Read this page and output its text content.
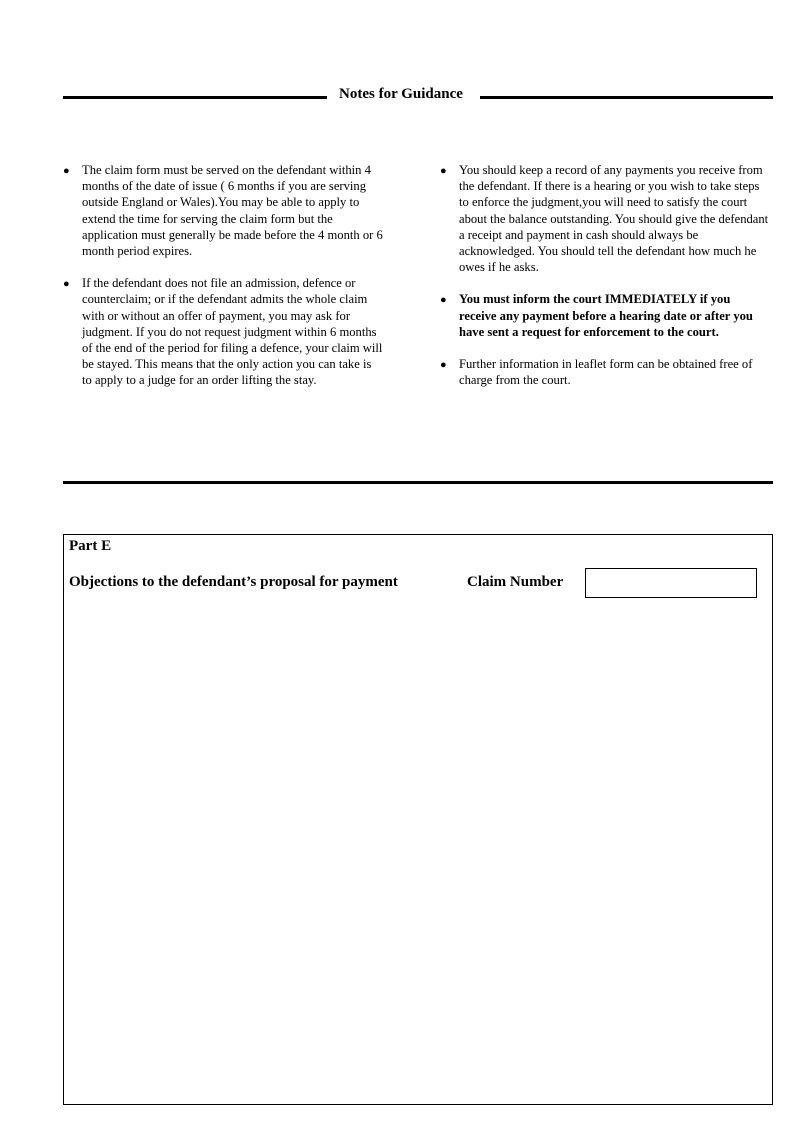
Notes for Guidance
● The claim form must be served on the defendant within 4 months of the date of issue ( 6 months if you are serving outside England or Wales).You may be able to apply to extend the time for serving the claim form but the application must generally be made before the 4 month or 6 month period expires.
● If the defendant does not file an admission, defence or counterclaim; or if the defendant admits the whole claim with or without an offer of payment, you may ask for judgment. If you do not request judgment within 6 months of the end of the period for filing a defence, your claim will be stayed. This means that the only action you can take is to apply to a judge for an order lifting the stay.
● You should keep a record of any payments you receive from the defendant. If there is a hearing or you wish to take steps to enforce the judgment,you will need to satisfy the court about the balance outstanding. You should give the defendant a receipt and payment in cash should always be acknowledged. You should tell the defendant how much he owes if he asks.
● You must inform the court IMMEDIATELY if you receive any payment before a hearing date or after you have sent a request for enforcement to the court.
● Further information in leaflet form can be obtained free of charge from the court.
Part E
Objections to the defendant’s proposal for payment	Claim Number
